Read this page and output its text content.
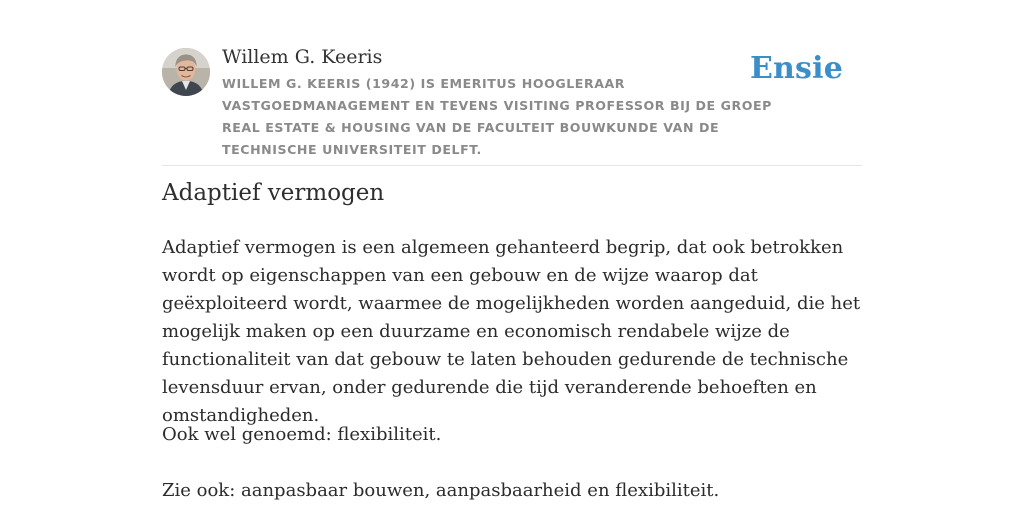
Willem G. Keeris
WILLEM G. KEERIS (1942) IS EMERITUS HOOGLERAAR VASTGOEDMANAGEMENT EN TEVENS VISITING PROFESSOR BIJ DE GROEP REAL ESTATE & HOUSING VAN DE FACULTEIT BOUWKUNDE VAN DE TECHNISCHE UNIVERSITEIT DELFT.
Ensie
Adaptief vermogen

Adaptief vermogen is een algemeen gehanteerd begrip, dat ook betrokken wordt op eigenschappen van een gebouw en de wijze waarop dat geëxploiteerd wordt, waarmee de mogelijkheden worden aangeduid, die het mogelijk maken op een duurzame en economisch rendabele wijze de functionaliteit van dat gebouw te laten behouden gedurende de technische levensduur ervan, onder gedurende die tijd veranderende behoeften en omstandigheden.

Ook wel genoemd: flexibiliteit.

Zie ook: aanpasbaar bouwen, aanpasbaarheid en flexibiliteit.
